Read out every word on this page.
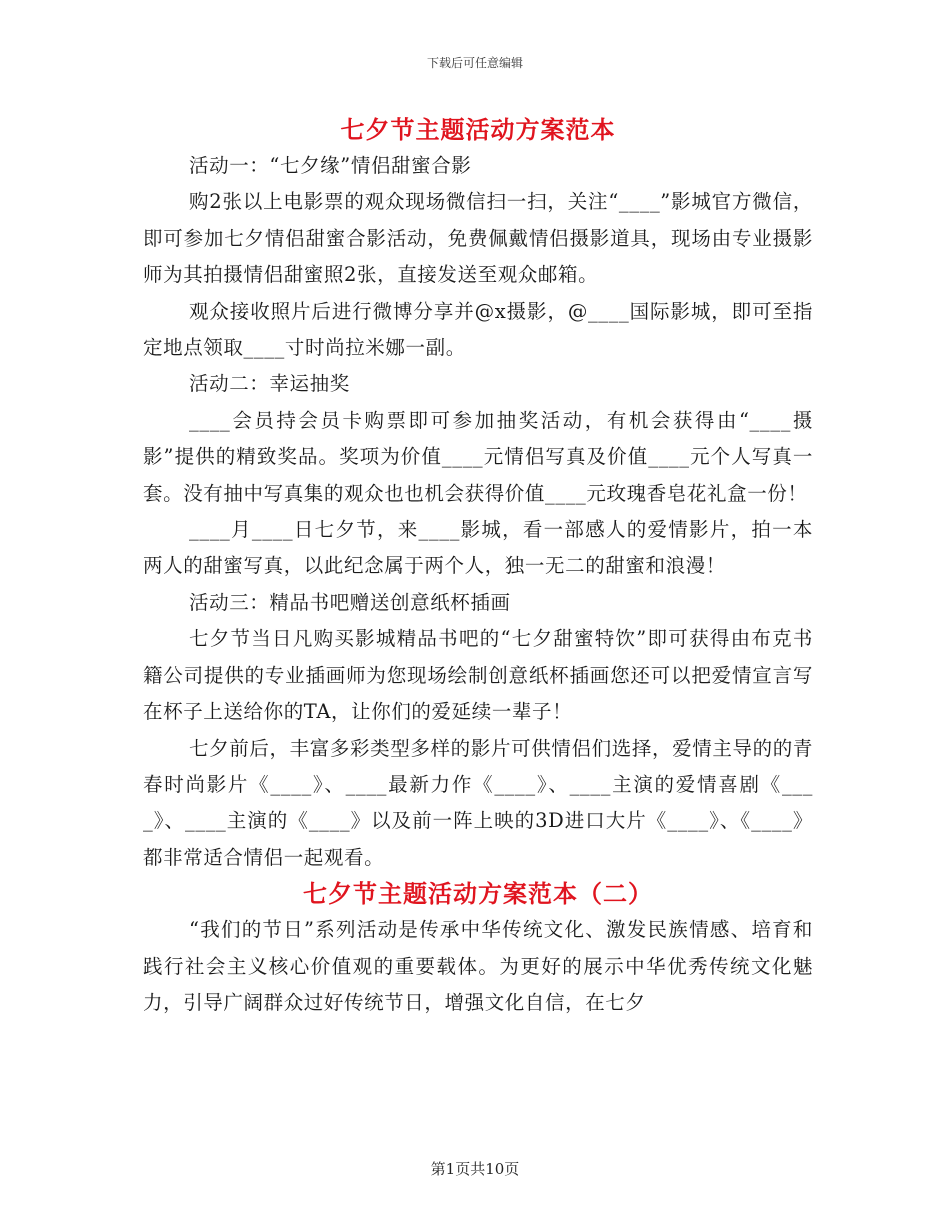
下载后可任意编辑
七夕节主题活动方案范本

活动一：“七夕缘”情侣甜蜜合影

购2张以上电影票的观众现场微信扫一扫，关注“____”影城官方微信，即可参加七夕情侣甜蜜合影活动，免费佩戴情侣摄影道具，现场由专业摄影师为其拍摄情侣甜蜜照2张，直接发送至观众邮箱。

观众接收照片后进行微博分享并@x摄影，@____国际影城，即可至指定地点领取____寸时尚拉米娜一副。

活动二：幸运抽奖

____会员持会员卡购票即可参加抽奖活动，有机会获得由“____摄影”提供的精致奖品。奖项为价值____元情侣写真及价值____元个人写真一套。没有抽中写真集的观众也也机会获得价值____元玫瑰香皂花礼盒一份！

____月____日七夕节，来____影城，看一部感人的爱情影片，拍一本两人的甜蜜写真，以此纪念属于两个人，独一无二的甜蜜和浪漫！

活动三：精品书吧赠送创意纸杯插画

七夕节当日凡购买影城精品书吧的“七夕甜蜜特饮”即可获得由布克书籍公司提供的专业插画师为您现场绘制创意纸杯插画您还可以把爱情宣言写在杯子上送给你的TA，让你们的爱延续一辈子！

七夕前后，丰富多彩类型多样的影片可供情侣们选择，爱情主导的的青春时尚影片《____》、____最新力作《____》、____主演的爱情喜剧《____》、____主演的《____》以及前一阵上映的3D进口大片《____》、《____》都非常适合情侣一起观看。

七夕节主题活动方案范本（二）

“我们的节日”系列活动是传承中华传统文化、激发民族情感、培育和践行社会主义核心价值观的重要载体。为更好的展示中华优秀传统文化魅力，引导广阔群众过好传统节日，增强文化自信，在七夕

第1页共10页
